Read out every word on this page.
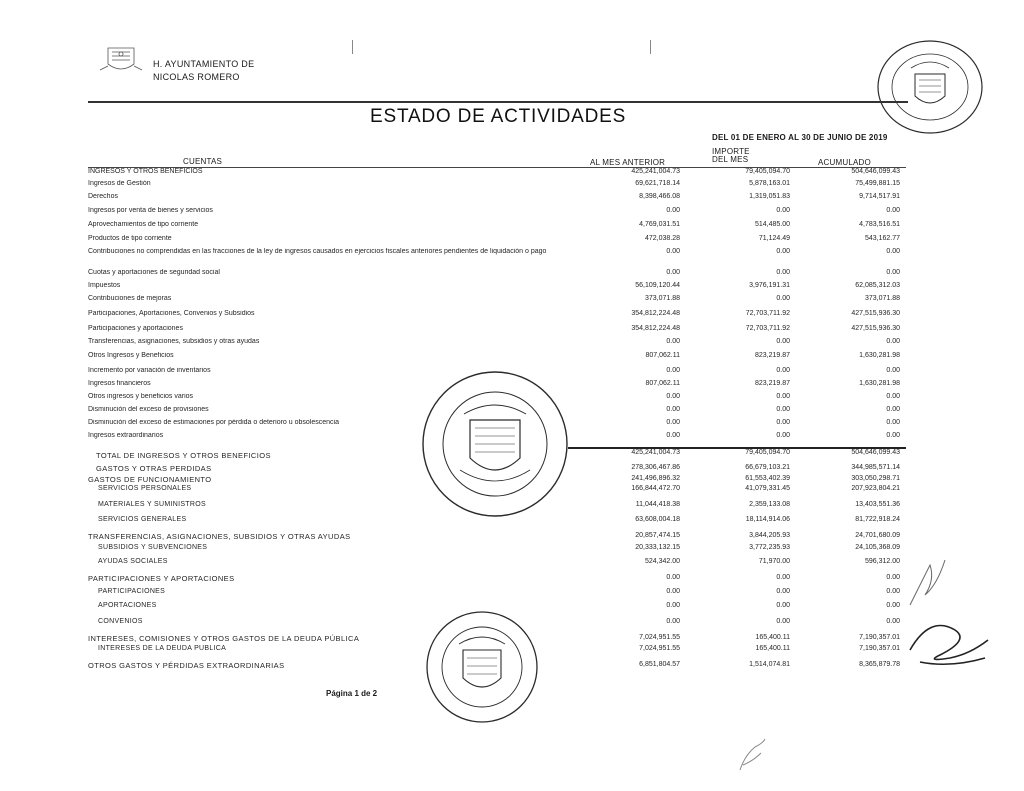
H. AYUNTAMIENTO DE
NICOLAS ROMERO
ESTADO DE ACTIVIDADES
DEL 01 DE ENERO AL 30 DE JUNIO DE 2019
CUENTAS	AL MES ANTERIOR
IMPORTE
DEL MES	ACUMULADO
INGRESOS Y OTROS BENEFICIOS	425,241,004.73	79,405,094.70	504,646,099.43
Ingresos de Gestión	69,621,718.14	5,878,163.01	75,499,881.15
Derechos	8,398,466.08	1,319,051.83	9,714,517.91
Ingresos por venta de bienes y servicios	0.00	0.00	0.00
Aprovechamientos de tipo corriente	4,769,031.51	514,485.00	4,783,516.51
Productos de tipo corriente	472,038.28	71,124.49	543,162.77
Contribuciones no comprendidas en las fracciones de la ley de ingresos causados en ejercicios fiscales anteriores pendientes de liquidación o pago	0.00	0.00	0.00
Cuotas y aportaciones de seguridad social	0.00	0.00	0.00
Impuestos	56,109,120.44	3,976,191.31	62,085,312.03
Contribuciones de mejoras	373,071.88	0.00	373,071.88
Participaciones, Aportaciones, Convenios y Subsidios	354,812,224.48	72,703,711.92	427,515,936.30
Participaciones y aportaciones	354,812,224.48	72,703,711.92	427,515,936.30
Transferencias, asignaciones, subsidios y otras ayudas	0.00	0.00	0.00
Otros Ingresos y Beneficios	807,062.11	823,219.87	1,630,281.98
Incremento por variación de inventarios	0.00	0.00	0.00
Ingresos financieros	807,062.11	823,219.87	1,630,281.98
Otros ingresos y beneficios varios	0.00	0.00	0.00
Disminución del exceso de provisiones	0.00	0.00	0.00
Disminución del exceso de estimaciones por pérdida o deterioro u obsolescencia	0.00	0.00	0.00
Ingresos extraordinarios	0.00	0.00	0.00
TOTAL DE INGRESOS Y OTROS BENEFICIOS	425,241,004.73	79,405,094.70	504,646,099.43
GASTOS Y OTRAS PERDIDAS	278,306,467.86	66,679,103.21	344,985,571.14
GASTOS DE FUNCIONAMIENTO	241,496,896.32	61,553,402.39	303,050,298.71
SERVICIOS PERSONALES	166,844,472.70	41,079,331.45	207,923,804.21
MATERIALES Y SUMINISTROS	11,044,418.38	2,359,133.08	13,403,551.36
SERVICIOS GENERALES	63,608,004.18	18,114,914.06	81,722,918.24
TRANSFERENCIAS, ASIGNACIONES, SUBSIDIOS Y OTRAS AYUDAS	20,857,474.15	3,844,205.93	24,701,680.09
SUBSIDIOS Y SUBVENCIONES	20,333,132.15	3,772,235.93	24,105,368.09
AYUDAS SOCIALES	524,342.00	71,970.00	596,312.00
PARTICIPACIONES Y APORTACIONES	0.00	0.00	0.00
PARTICIPACIONES	0.00	0.00	0.00
APORTACIONES	0.00	0.00	0.00
CONVENIOS	0.00	0.00	0.00
INTERESES, COMISIONES Y OTROS GASTOS DE LA DEUDA PÚBLICA	7,024,951.55	165,400.11	7,190,357.01
INTERESES DE LA DEUDA PÚBLICA	7,024,951.55	165,400.11	7,190,357.01
OTROS GASTOS Y PÉRDIDAS EXTRAORDINARIAS	6,851,804.57	1,514,074.81	8,365,879.78
Página 1 de 2
